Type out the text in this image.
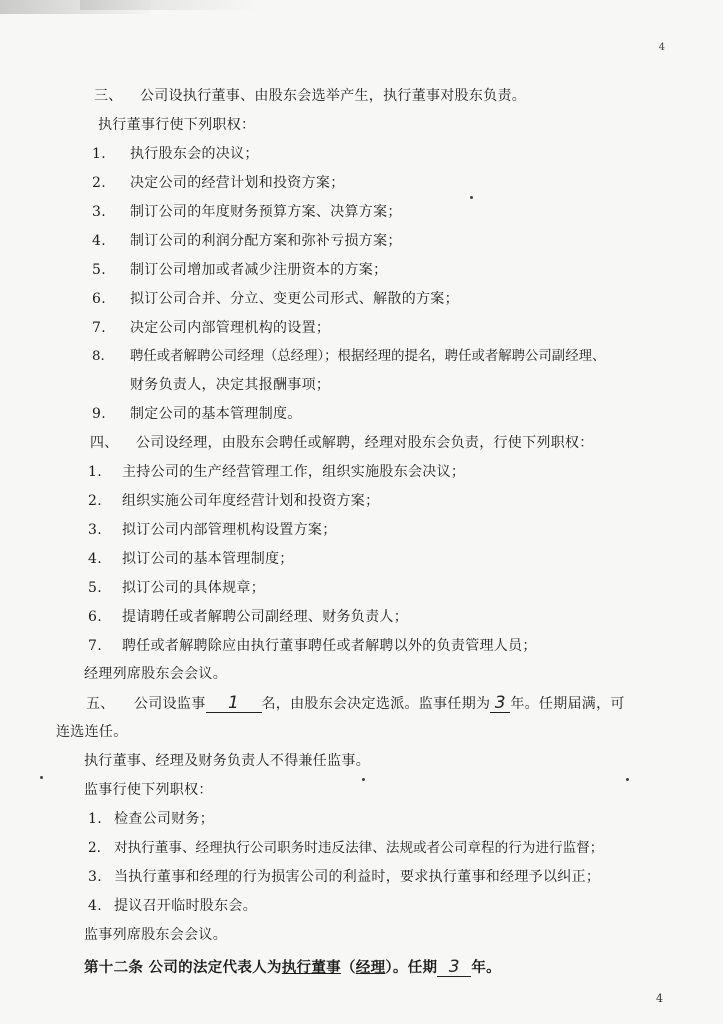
4
三、 公司设执行董事、由股东会选举产生，执行董事对股东负责。
执行董事行使下列职权：
1. 执行股东会的决议；
2. 决定公司的经营计划和投资方案；
3. 制订公司的年度财务预算方案、决算方案；
4. 制订公司的利润分配方案和弥补亏损方案；
5. 制订公司增加或者减少注册资本的方案；
6. 拟订公司合并、分立、变更公司形式、解散的方案；
7. 决定公司内部管理机构的设置；
8. 聘任或者解聘公司经理（总经理）；根据经理的提名，聘任或者解聘公司副经理、
财务负责人，决定其报酬事项；
9. 制定公司的基本管理制度。
四、 公司设经理，由股东会聘任或解聘，经理对股东会负责，行使下列职权：
1. 主持公司的生产经营管理工作，组织实施股东会决议；
2. 组织实施公司年度经营计划和投资方案；
3. 拟订公司内部管理机构设置方案；
4. 拟订公司的基本管理制度；
5. 拟订公司的具体规章；
6. 提请聘任或者解聘公司副经理、财务负责人；
7. 聘任或者解聘除应由执行董事聘任或者解聘以外的负责管理人员；
经理列席股东会会议。
五、 公司设监事 1 名，由股东会决定选派。监事任期为 3 年。任期届满，可
连选连任。
执行董事、经理及财务负责人不得兼任监事。
监事行使下列职权：
1. 检查公司财务；
2. 对执行董事、经理执行公司职务时违反法律、法规或者公司章程的行为进行监督；
3. 当执行董事和经理的行为损害公司的利益时，要求执行董事和经理予以纠正；
4. 提议召开临时股东会。
监事列席股东会会议。
第十二条 公司的法定代表人为执行董事（经理）。任期 3 年。
4
